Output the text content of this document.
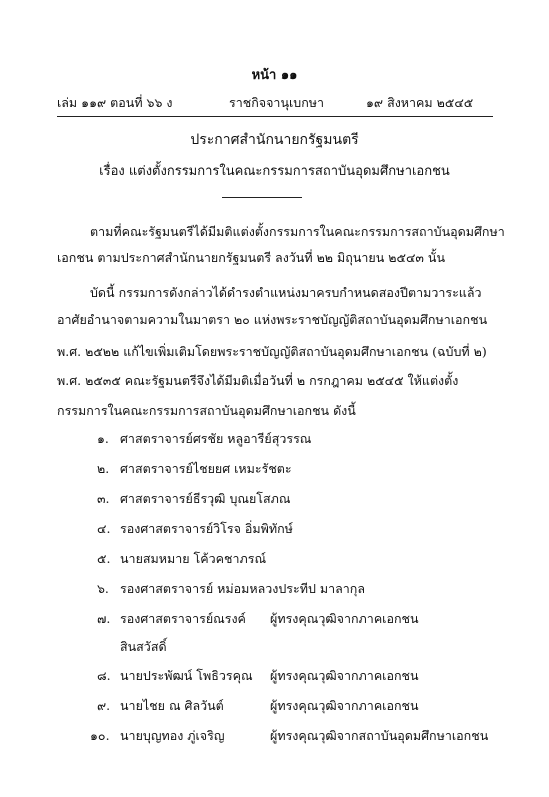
หน้า ๑๑
เล่ม ๑๑๙ ตอนที่ ๖๖ ง	ราชกิจจานุเบกษา	๑๙ สิงหาคม ๒๕๔๕
ประกาศสำนักนายกรัฐมนตรี
เรื่อง แต่งตั้งกรรมการในคณะกรรมการสถาบันอุดมศึกษาเอกชน
ตามที่คณะรัฐมนตรีได้มีมติแต่งตั้งกรรมการในคณะกรรมการสถาบันอุดมศึกษา
เอกชน ตามประกาศสำนักนายกรัฐมนตรี ลงวันที่ ๒๒ มิถุนายน ๒๕๔๓ นั้น
บัดนี้ กรรมการดังกล่าวได้ดำรงตำแหน่งมาครบกำหนดสองปีตามวาระแล้ว
อาศัยอำนาจตามความในมาตรา ๒๐ แห่งพระราชบัญญัติสถาบันอุดมศึกษาเอกชน
พ.ศ. ๒๕๒๒ แก้ไขเพิ่มเติมโดยพระราชบัญญัติสถาบันอุดมศึกษาเอกชน (ฉบับที่ ๒)
พ.ศ. ๒๕๓๕ คณะรัฐมนตรีจึงได้มีมติเมื่อวันที่ ๒ กรกฎาคม ๒๕๔๕ ให้แต่งตั้ง
กรรมการในคณะกรรมการสถาบันอุดมศึกษาเอกชน ดังนี้
๑. ศาสตราจารย์ศรชัย หลูอารีย์สุวรรณ
๒. ศาสตราจารย์ไชยยศ เหมะรัชตะ
๓. ศาสตราจารย์ธีรวุฒิ บุณยโสภณ
๔. รองศาสตราจารย์วิโรจ อิ่มพิทักษ์
๕. นายสมหมาย โค้วคชาภรณ์
๖. รองศาสตราจารย์ หม่อมหลวงประทีป มาลากุล
๗. รองศาสตราจารย์ณรงค์ ผู้ทรงคุณวุฒิจากภาคเอกชน
สินสวัสดิ์
๘. นายประพัฒน์ โพธิวรคุณ ผู้ทรงคุณวุฒิจากภาคเอกชน
๙. นายไชย ณ ศิลวันต์	ผู้ทรงคุณวุฒิจากภาคเอกชน
๑๐. นายบุญทอง ภู่เจริญ	ผู้ทรงคุณวุฒิจากสถาบันอุดมศึกษาเอกชน
